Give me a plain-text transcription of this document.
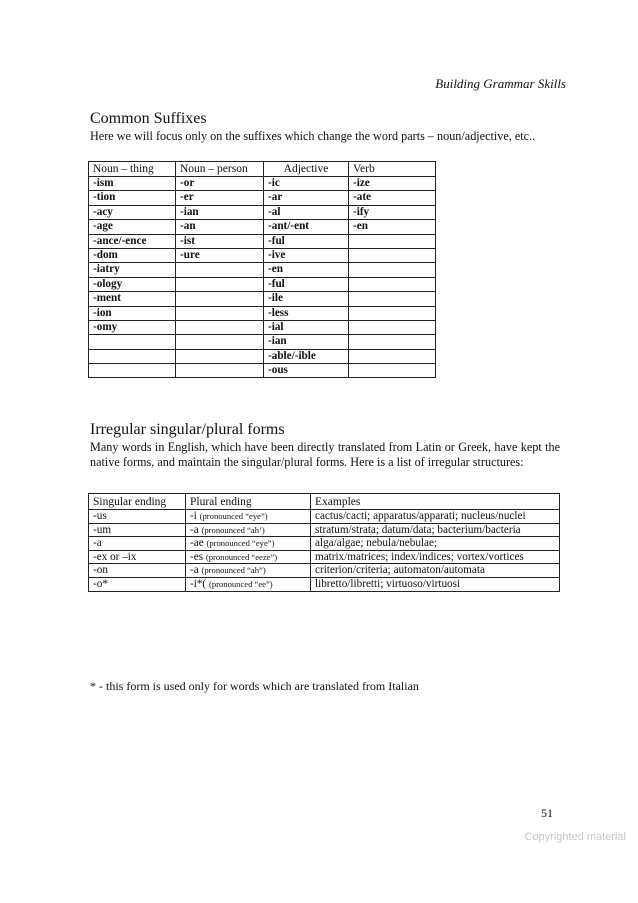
Building Grammar Skills
Common Suffixes
Here we will focus only on the suffixes which change the word parts – noun/adjective, etc..
Noun – thing	Noun – person	Adjective	Verb
-ism	-or	-ic	-ize
-tion	-er	-ar	-ate
-acy	-ian	-al	-ify
-age	-an	-ant/-ent	-en
-ance/-ence	-ist	-ful	
-dom	-ure	-ive	
-iatry		-en	
-ology		-ful	
-ment		-ile	
-ion		-less	
-omy		-ial	
		-ian	
		-able/-ible	
		-ous	
Irregular singular/plural forms
Many words in English, which have been directly translated from Latin or Greek, have kept the native forms, and maintain the singular/plural forms. Here is a list of irregular structures:
Singular ending	Plural ending	Examples
-us	-i (pronounced “eye”)	cactus/cacti; apparatus/apparati; nucleus/nuclei
-um	-a (pronounced “ah’)	stratum/strata; datum/data; bacterium/bacteria
-a	-ae (pronounced “eye”)	alga/algae; nebula/nebulae;
-ex or –ix	-es (pronounced “eeze”)	matrix/matrices; index/indices; vortex/vortices
-on	-a (pronounced “ah”)	criterion/criteria; automaton/automata
-o*	-i*( (pronounced “ee”)	libretto/libretti; virtuoso/virtuosi
* - this form is used only for words which are translated from Italian
51
Copyrighted material
